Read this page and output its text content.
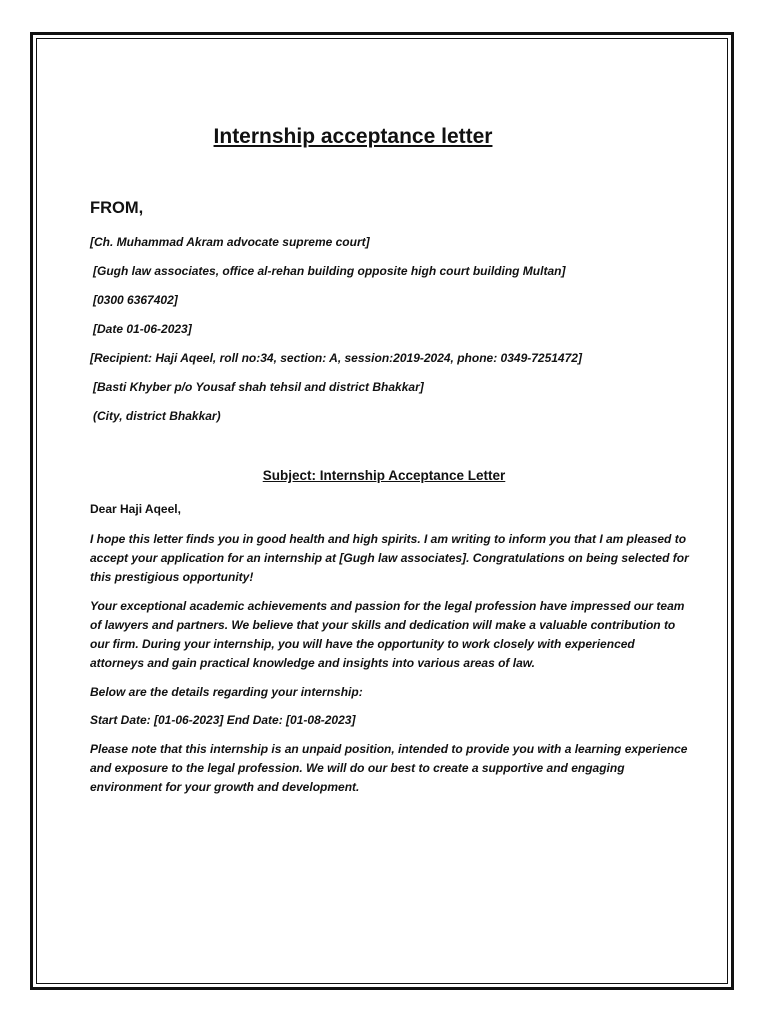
Internship acceptance letter
FROM,

[Ch. Muhammad Akram advocate supreme court]

[Gugh law associates, office al-rehan building opposite high court building Multan]

[0300 6367402]

[Date 01-06-2023]

[Recipient: Haji Aqeel, roll no:34, section: A, session:2019-2024, phone: 0349-7251472]

[Basti Khyber p/o Yousaf shah tehsil and district Bhakkar]

(City, district Bhakkar)

Subject: Internship Acceptance Letter

Dear Haji Aqeel,

I hope this letter finds you in good health and high spirits. I am writing to inform you that I am pleased to accept your application for an internship at [Gugh law associates]. Congratulations on being selected for this prestigious opportunity!

Your exceptional academic achievements and passion for the legal profession have impressed our team of lawyers and partners. We believe that your skills and dedication will make a valuable contribution to our firm. During your internship, you will have the opportunity to work closely with experienced attorneys and gain practical knowledge and insights into various areas of law.

Below are the details regarding your internship:

Start Date: [01-06-2023] End Date: [01-08-2023]

Please note that this internship is an unpaid position, intended to provide you with a learning experience and exposure to the legal profession. We will do our best to create a supportive and engaging environment for your growth and development.
